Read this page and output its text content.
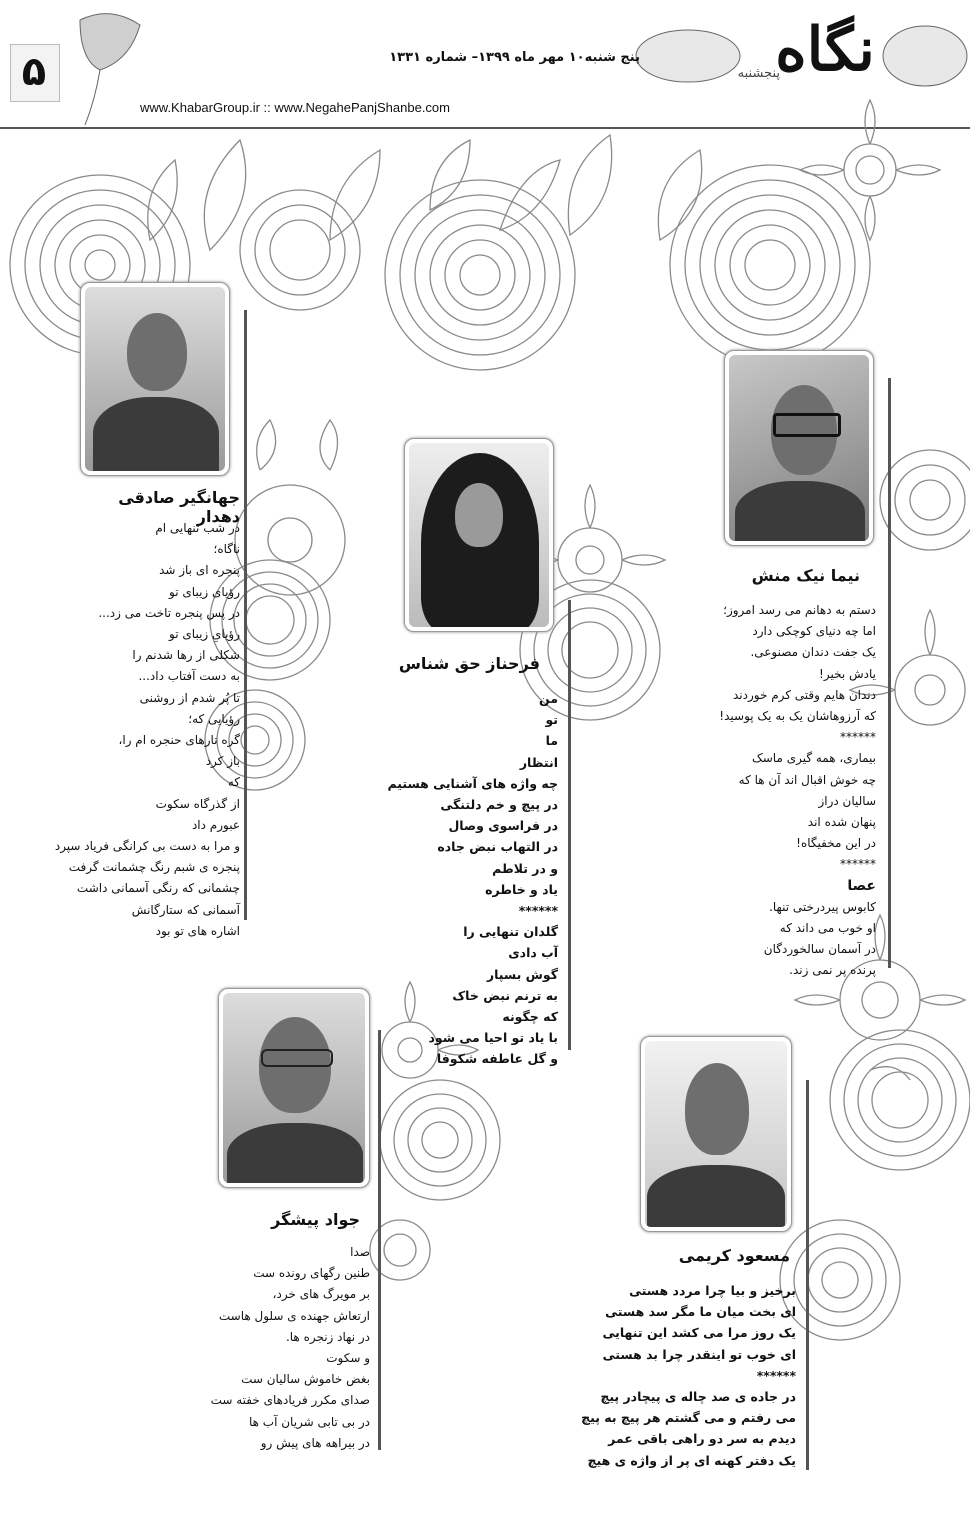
۵	پنج شنبه۱۰ مهر ماه ۱۳۹۹– شماره ۱۳۳۱
www.KhabarGroup.ir :: www.NegahePanjShanbe.com
نگاه
پنجشنبه
جهانگیر صادقی دهدار
در شب تنهایی ام
ناگاه؛
پنجره ای باز شد
رؤیای زیبای تو
در پس پنجره تاخت می زد...
رؤیایِ زیبای تو
شکلی از رها شدنم را
به دست آفتاب داد...
تا پُر شدم از روشنی
رؤیایی که؛
گره تارهای حنجره ام را،
باز کرد
که
از گذرگاه سکوت
عبورم داد
و مرا به دست بی کرانگی فریاد سپرد
پنجره ی شبم رنگ چشمانت گرفت
چشمانی که رنگی آسمانی داشت
آسمانی که ستارگانش
اشاره های تو بود
فرحناز حق شناس
من
تو
ما
انتظار
چه واژه های آشنایی هستیم
در پیچ و خم دلتنگی
در فراسوی وصال
در التهاب نبض جاده
و در تلاطم
یاد و خاطره
******
گلدان تنهایی را
آب دادی
گوش بسپار
به ترنم نبض خاک
که چگونه
با یاد تو احیا می شود
و گل عاطفه شکوفا
نیما نیک منش
دستم به دهانم می رسد امروز؛
اما چه دنیای کوچکی دارد
یک جفت دندان مصنوعی.
یادش بخیر!
دندان هایم وقتی کرم خوردند
که آرزوهاشان یک به یک پوسید!
******
بیماری، همه گیری ماسک
چه خوش اقبال اند آن ها که
سالیان دراز
پنهان شده اند
در این مخفیگاه!
******
عصا
کابوس پیردرختی تنها.
او خوب می داند که
در آسمان سالخوردگان
پرنده پر نمی زند.
جواد پیشگر
صدا
طنین رگهای رونده ست
بر مویرگ های خرد،
ارتعاش جهنده ی سلول هاست
در نهاد زنجره ها.
و سکوت
بغض خاموش سالیان ست
صدای مکرر فریادهای خفته ست
در بی تابی شریان آب ها
در بیراهه های پیش رو
مسعود کریمی
برخیز و بیا چرا مردد هستی
ای بخت میان ما مگر سد هستی
یک روز مرا می کشد این تنهایی
ای خوب تو اینقدر چرا بد هستی
******
در جاده ی صد چاله ی پیچادر پیچ
می رفتم و می گشتم هر پیچ به پیچ
دیدم به سر دو راهی باقی عمر
یک دفتر کهنه ای پر از واژه ی هیچ
